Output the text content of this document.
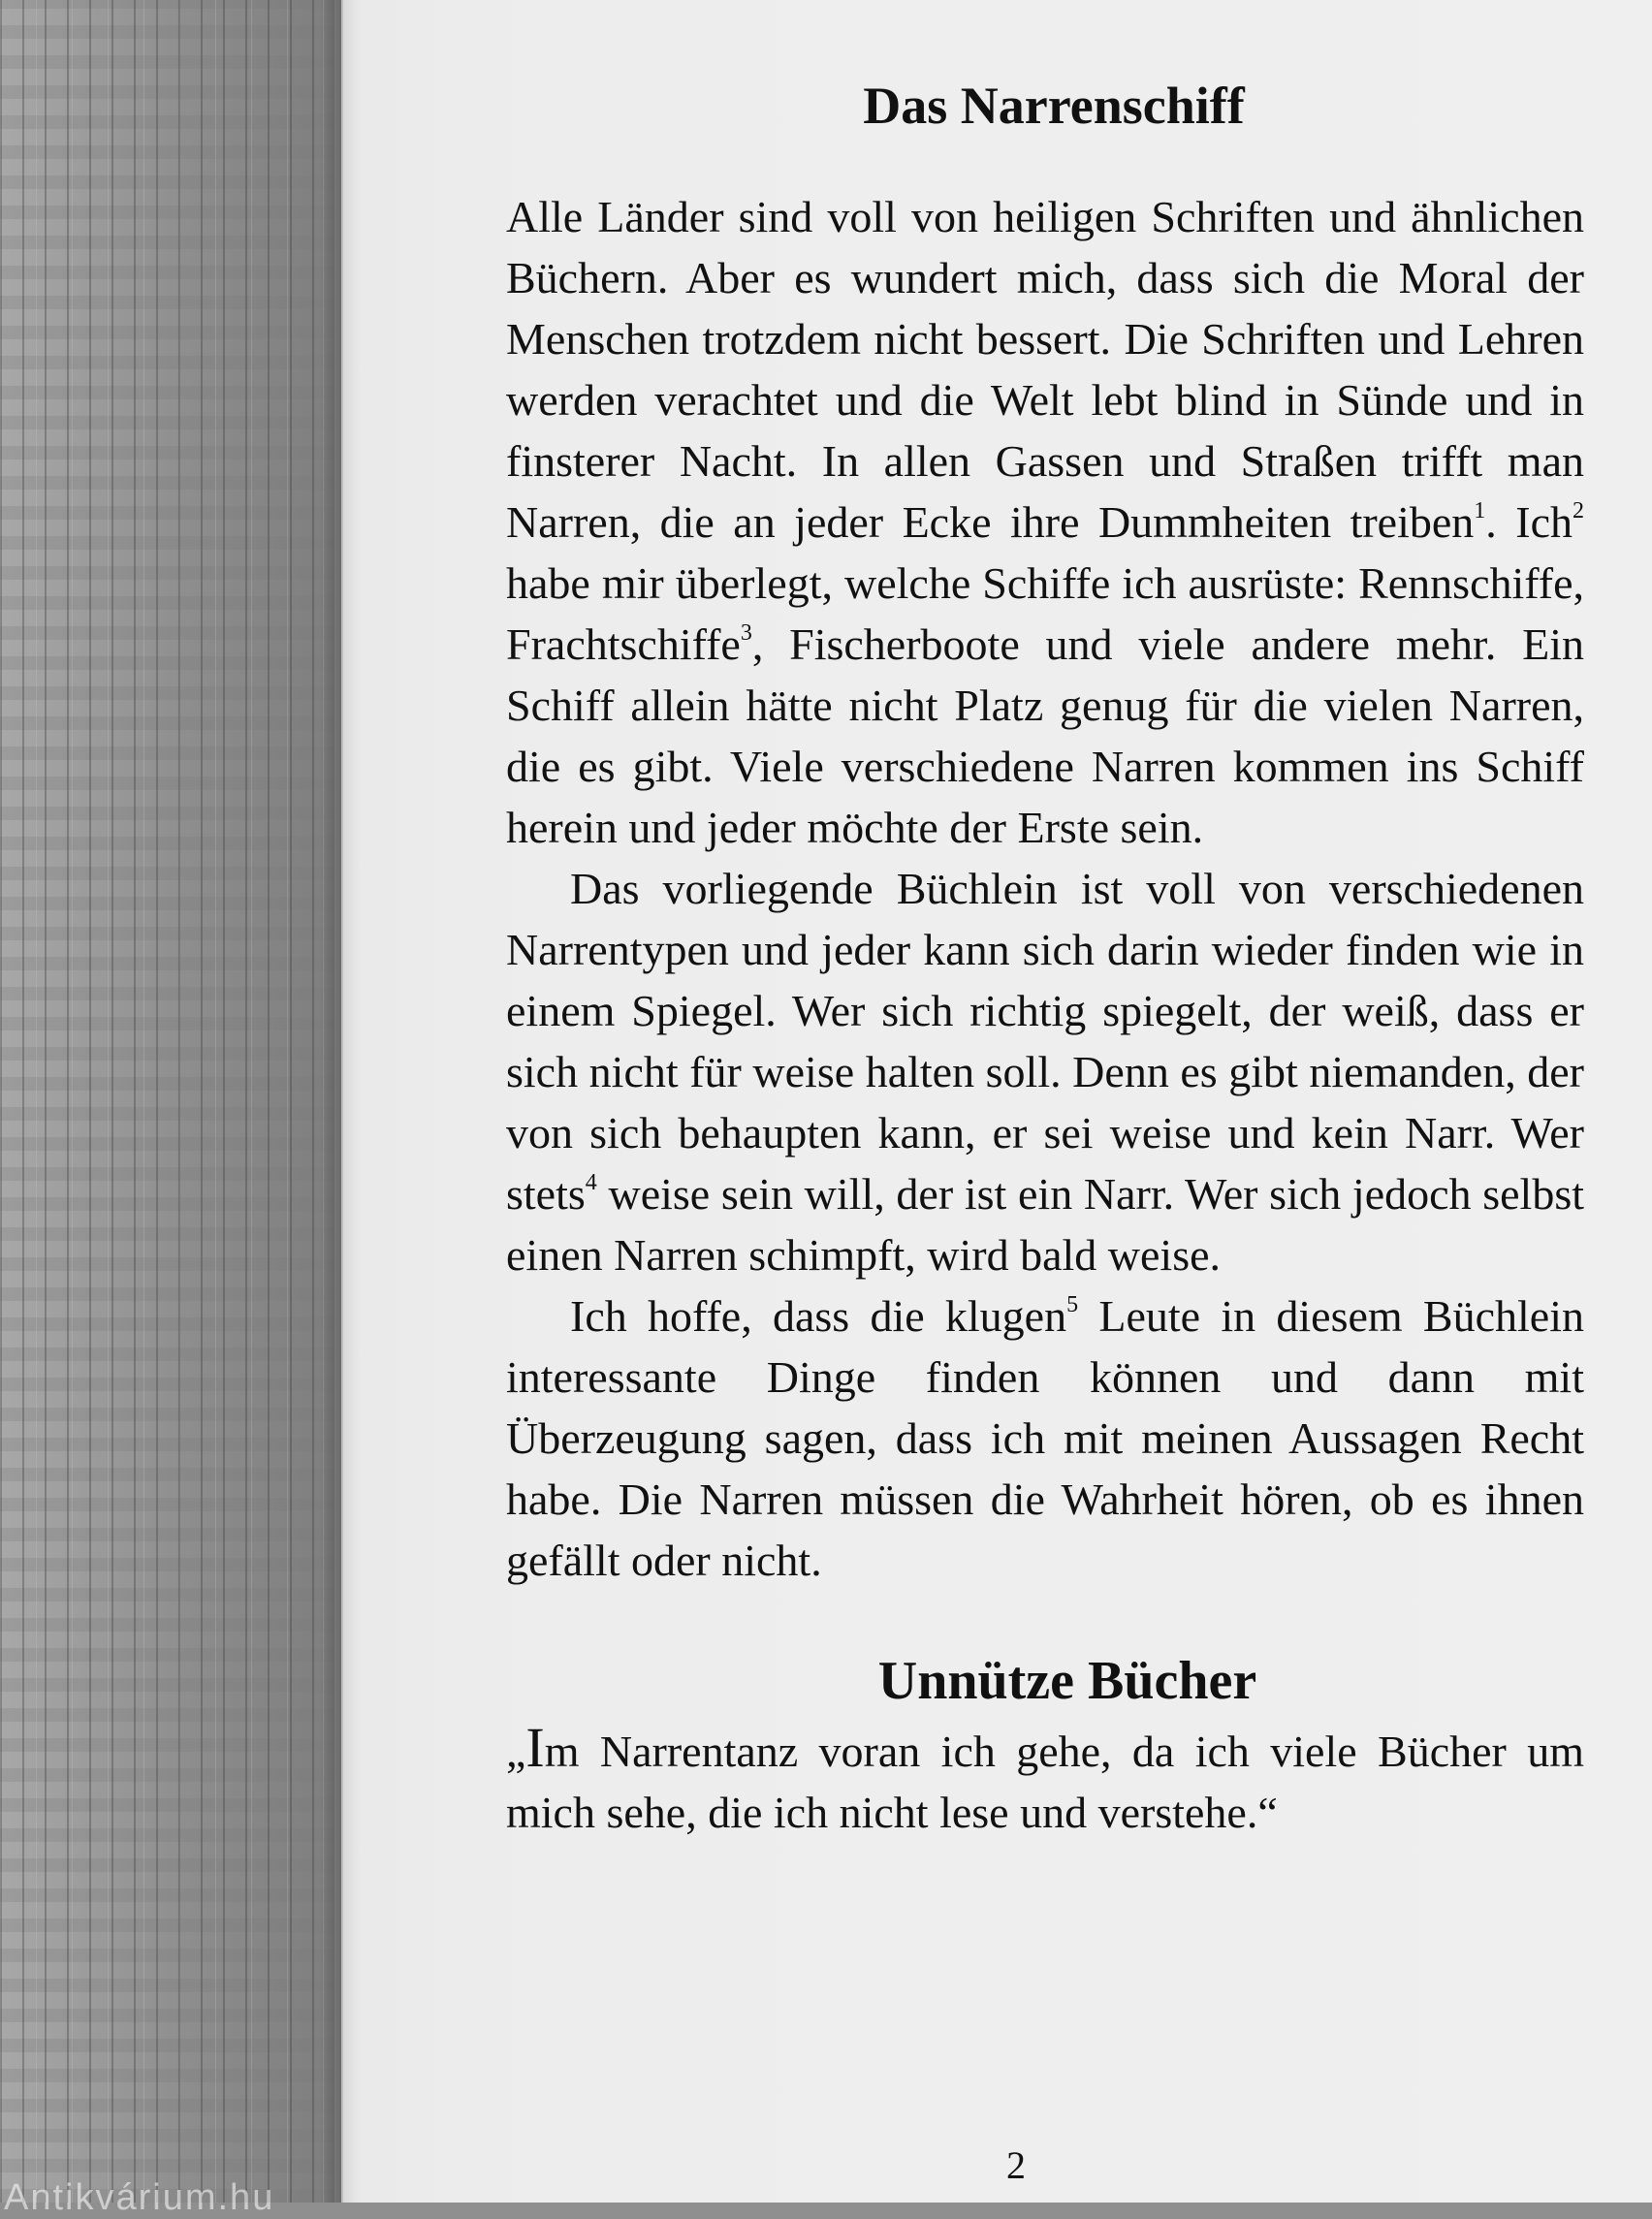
Das Narrenschiff

Alle Länder sind voll von heiligen Schriften und ähnlichen Büchern. Aber es wundert mich, dass sich die Moral der Menschen trotzdem nicht bessert. Die Schriften und Lehren werden verachtet und die Welt lebt blind in Sünde und in finsterer Nacht. In allen Gassen und Straßen trifft man Narren, die an jeder Ecke ihre Dummheiten treiben$^1$. Ich$^2$ habe mir überlegt, welche Schiffe ich ausrüste: Rennschiffe, Frachtschiffe$^3$, Fischerboote und viele andere mehr. Ein Schiff allein hätte nicht Platz genug für die vielen Narren, die es gibt. Viele verschiedene Narren kommen ins Schiff herein und jeder möchte der Erste sein.

Das vorliegende Büchlein ist voll von verschiedenen Narrentypen und jeder kann sich darin wieder finden wie in einem Spiegel. Wer sich richtig spiegelt, der weiß, dass er sich nicht für weise halten soll. Denn es gibt niemanden, der von sich behaupten kann, er sei weise und kein Narr. Wer stets$^4$ weise sein will, der ist ein Narr. Wer sich jedoch selbst einen Narren schimpft, wird bald weise.

Ich hoffe, dass die klugen$^5$ Leute in diesem Büchlein interessante Dinge finden können und dann mit Überzeugung sagen, dass ich mit meinen Aussagen Recht habe. Die Narren müssen die Wahrheit hören, ob es ihnen gefällt oder nicht.

Unnütze Bücher

„Im Narrentanz voran ich gehe, da ich viele Bücher um mich sehe, die ich nicht lese und verstehe.“

2
Antikvárium.hu
